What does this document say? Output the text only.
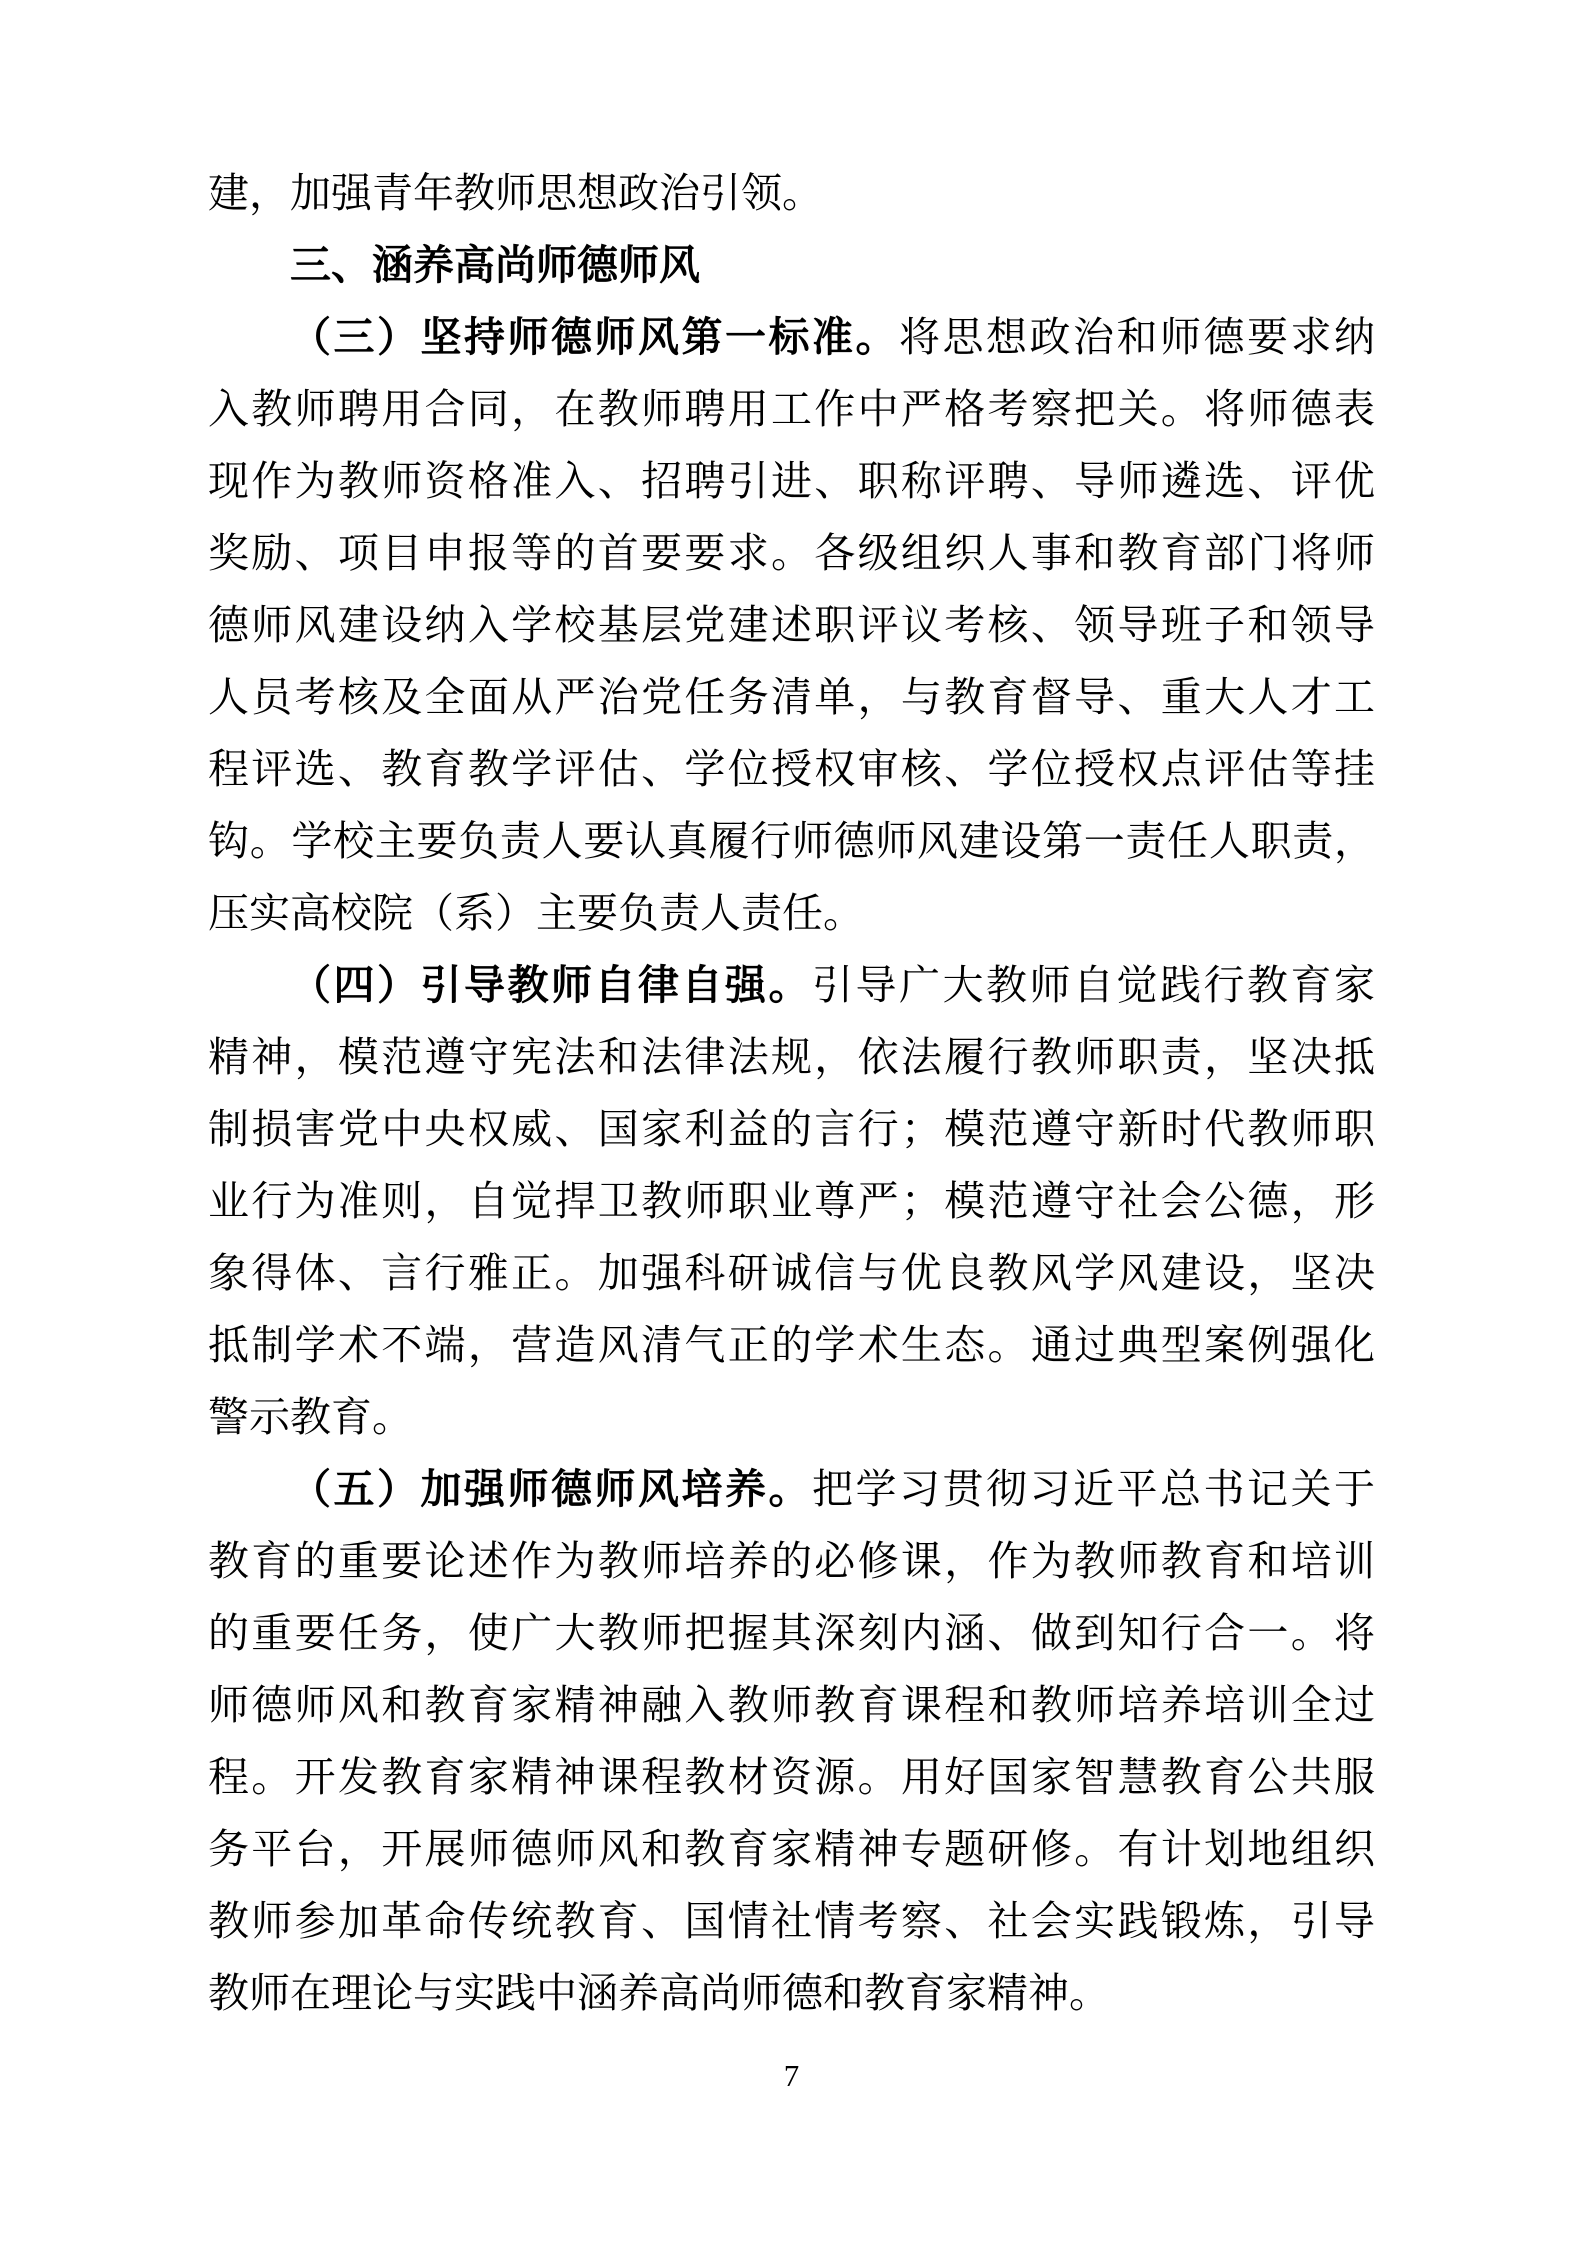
建，加强青年教师思想政治引领。
三、涵养高尚师德师风
（三）坚持师德师风第一标准。将思想政治和师德要求纳
入教师聘用合同，在教师聘用工作中严格考察把关。将师德表
现作为教师资格准入、招聘引进、职称评聘、导师遴选、评优
奖励、项目申报等的首要要求。各级组织人事和教育部门将师
德师风建设纳入学校基层党建述职评议考核、领导班子和领导
人员考核及全面从严治党任务清单，与教育督导、重大人才工
程评选、教育教学评估、学位授权审核、学位授权点评估等挂
钩。学校主要负责人要认真履行师德师风建设第一责任人职责，
压实高校院（系）主要负责人责任。
（四）引导教师自律自强。引导广大教师自觉践行教育家
精神，模范遵守宪法和法律法规，依法履行教师职责，坚决抵
制损害党中央权威、国家利益的言行；模范遵守新时代教师职
业行为准则，自觉捍卫教师职业尊严；模范遵守社会公德，形
象得体、言行雅正。加强科研诚信与优良教风学风建设，坚决
抵制学术不端，营造风清气正的学术生态。通过典型案例强化
警示教育。
（五）加强师德师风培养。把学习贯彻习近平总书记关于
教育的重要论述作为教师培养的必修课，作为教师教育和培训
的重要任务，使广大教师把握其深刻内涵、做到知行合一。将
师德师风和教育家精神融入教师教育课程和教师培养培训全过
程。开发教育家精神课程教材资源。用好国家智慧教育公共服
务平台，开展师德师风和教育家精神专题研修。有计划地组织
教师参加革命传统教育、国情社情考察、社会实践锻炼，引导
教师在理论与实践中涵养高尚师德和教育家精神。
7
